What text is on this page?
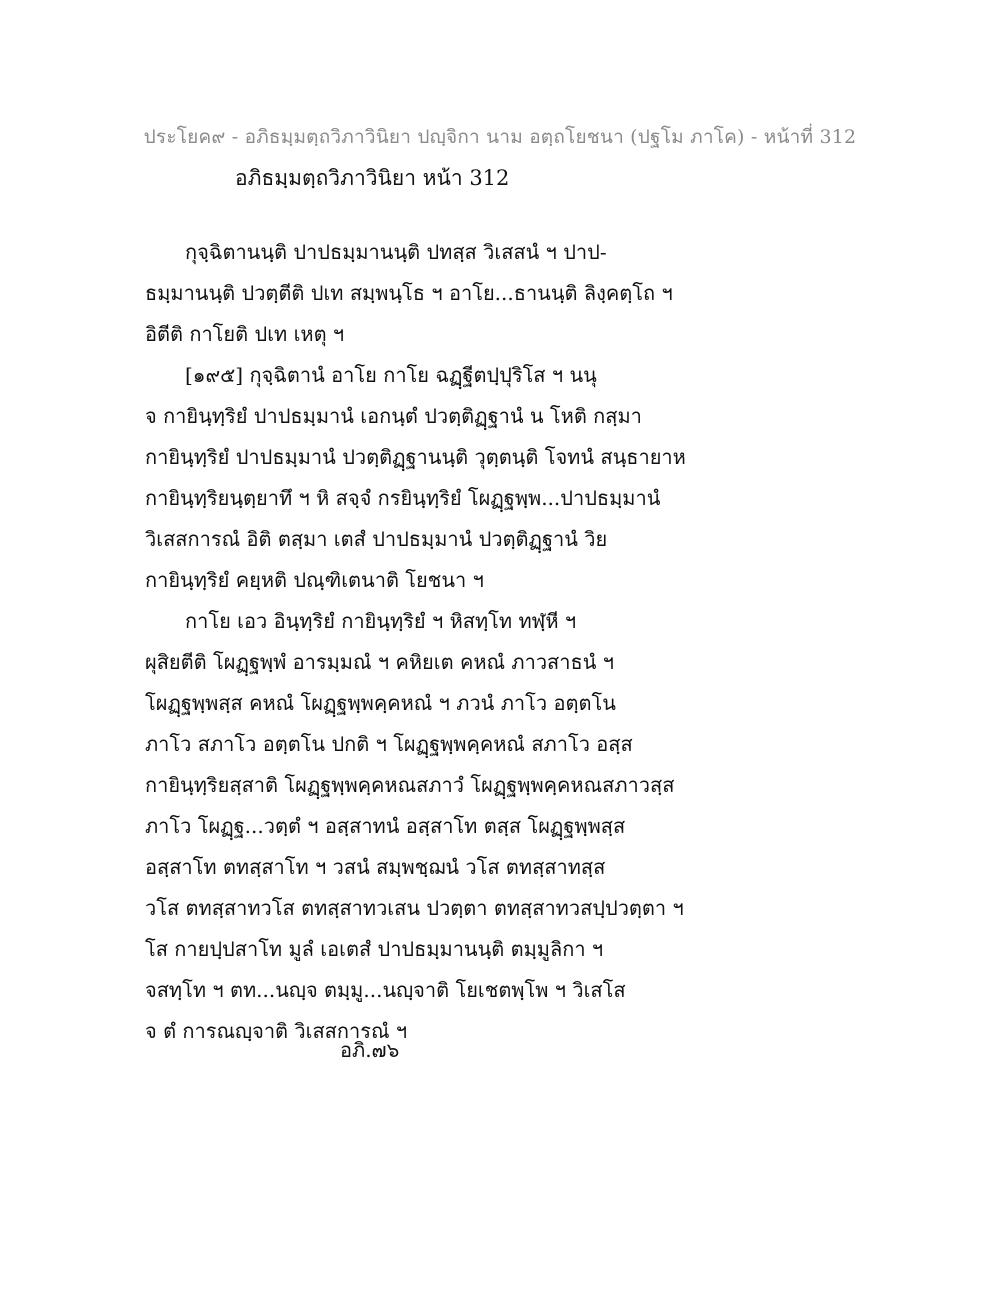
ประโยค๙ - อภิธมฺมตฺถวิภาวินิยา ปญฺจิกา นาม อตฺถโยชนา (ปฐโม ภาโค) - หน้าที่ 312
อภิธมฺมตฺถวิภาวินิยา หน้า 312
กุจฺฉิตานนฺติ ปาปธมฺมานนฺติ ปทสฺส วิเสสนํ ฯ ปาป-
ธมฺมานนฺติ ปวตฺตีติ ปเท สมฺพนฺโธ ฯ อาโย...ธานนฺติ ลิงฺคตฺโถ ฯ
อิตีติ กาโยติ ปเท เหตุ ฯ
[๑๙๕] กุจฺฉิตานํ อาโย กาโย ฉฏฺฐีตปฺปุริโส ฯ นนุ
จ กายินฺทฺริยํ ปาปธมฺมานํ เอกนฺตํ ปวตฺติฏฺฐานํ น โหติ กสฺมา
กายินฺทฺริยํ ปาปธมฺมานํ ปวตฺติฏฺฐานนฺติ วุตฺตนฺติ โจทนํ สนฺธายาห
กายินฺทฺริยนฺตฺยาทึ ฯ หิ สจฺจํ กรยินฺทฺริยํ โผฏฺฐพฺพ...ปาปธมฺมานํ
วิเสสการณํ อิติ ตสฺมา เตสํ ปาปธมฺมานํ ปวตฺติฏฺฐานํ วิย
กายินฺทฺริยํ คยฺหติ ปณฺฑิเตนาติ โยชนา ฯ
กาโย เอว อินฺทฺริยํ กายินฺทฺริยํ ฯ หิสทฺโท ทฬฺหี ฯ
ผุสิยตีติ โผฏฺฐพฺพํ อารมฺมณํ ฯ คหิยเต คหณํ ภาวสาธนํ ฯ
โผฏฺฐพฺพสฺส คหณํ โผฏฺฐพฺพคฺคหณํ ฯ ภวนํ ภาโว อตฺตโน
ภาโว สภาโว อตฺตโน ปกติ ฯ โผฏฺฐพฺพคฺคหณํ สภาโว อสฺส
กายินฺทฺริยสฺสาติ โผฏฺฐพฺพคฺคหณสภาวํ โผฏฺฐพฺพคฺคหณสภาวสฺส
ภาโว โผฏฺฐ...วตฺตํ ฯ อสฺสาทนํ อสฺสาโท ตสฺส โผฏฺฐพฺพสฺส
อสฺสาโท ตทสฺสาโท ฯ วสนํ สมฺพชฺฌนํ วโส ตทสฺสาทสฺส
วโส ตทสฺสาทวโส ตทสฺสาทวเสน ปวตฺตา ตทสฺสาทวสปฺปวตฺตา ฯ
โส กายปฺปสาโท มูลํ เอเตสํ ปาปธมฺมานนฺติ ตมฺมูลิกา ฯ
จสทฺโท ฯ ตท...นญฺจ ตมฺมู...นญฺจาติ โยเชตพฺโพ ฯ วิเสโส
จ ตํ การณญฺจาติ วิเสสการณํ ฯ
อภิ.๗๖
